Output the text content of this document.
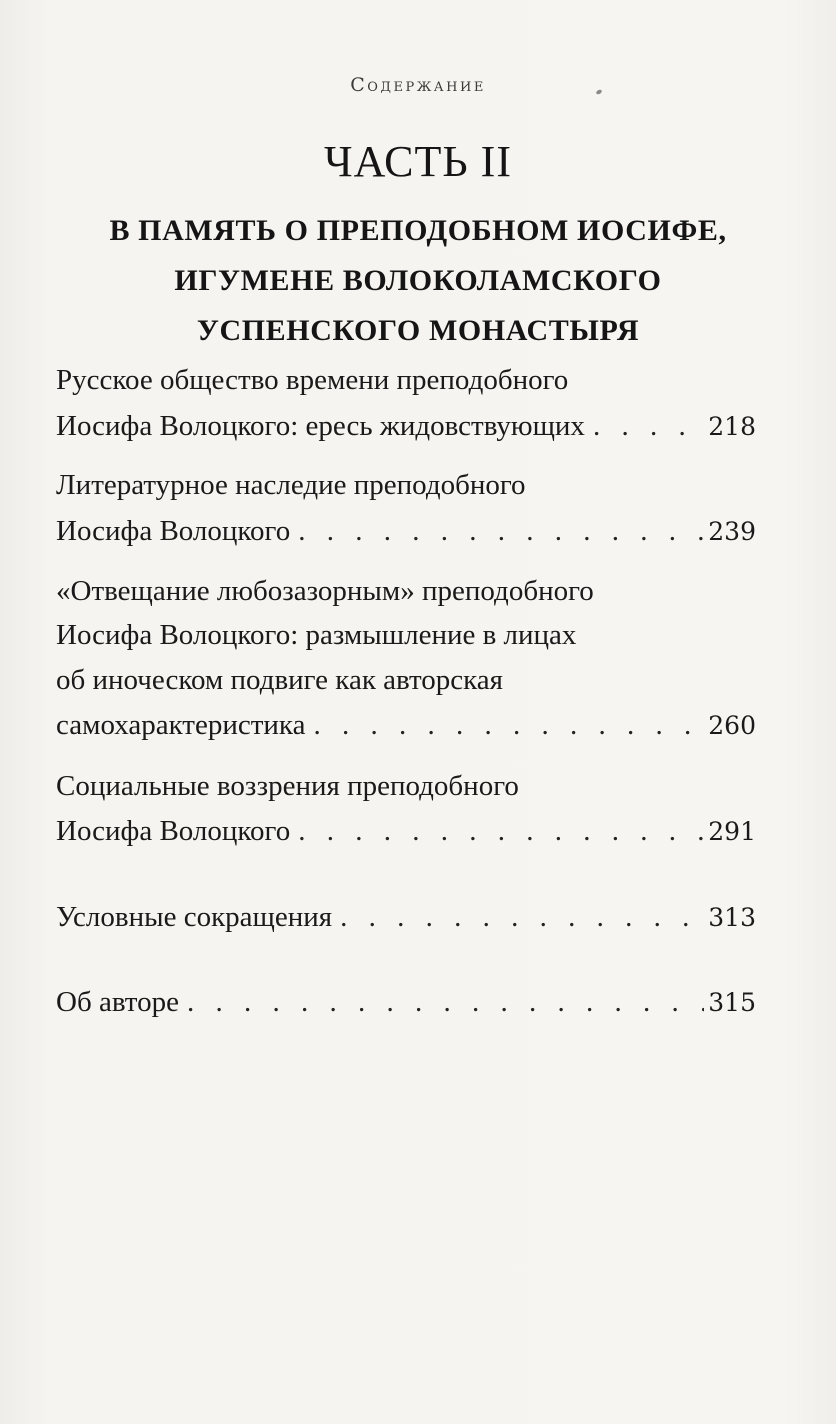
Содержание
ЧАСТЬ II
В ПАМЯТЬ О ПРЕПОДОБНОМ ИОСИФЕ,
ИГУМЕНЕ ВОЛОКОЛАМСКОГО
УСПЕНСКОГО МОНАСТЫРЯ
Русское общество времени преподобного
Иосифа Волоцкого: ересь жидовствующих . . .	218
Литературное наследие преподобного
Иосифа Волоцкого . . .	239
«Отвещание любозазорным» преподобного
Иосифа Волоцкого: размышление в лицах
об иноческом подвиге как авторская
самохарактеристика . . .	260
Социальные воззрения преподобного
Иосифа Волоцкого . . .	291
Условные сокращения . . .	313
Об авторе . . .	315
